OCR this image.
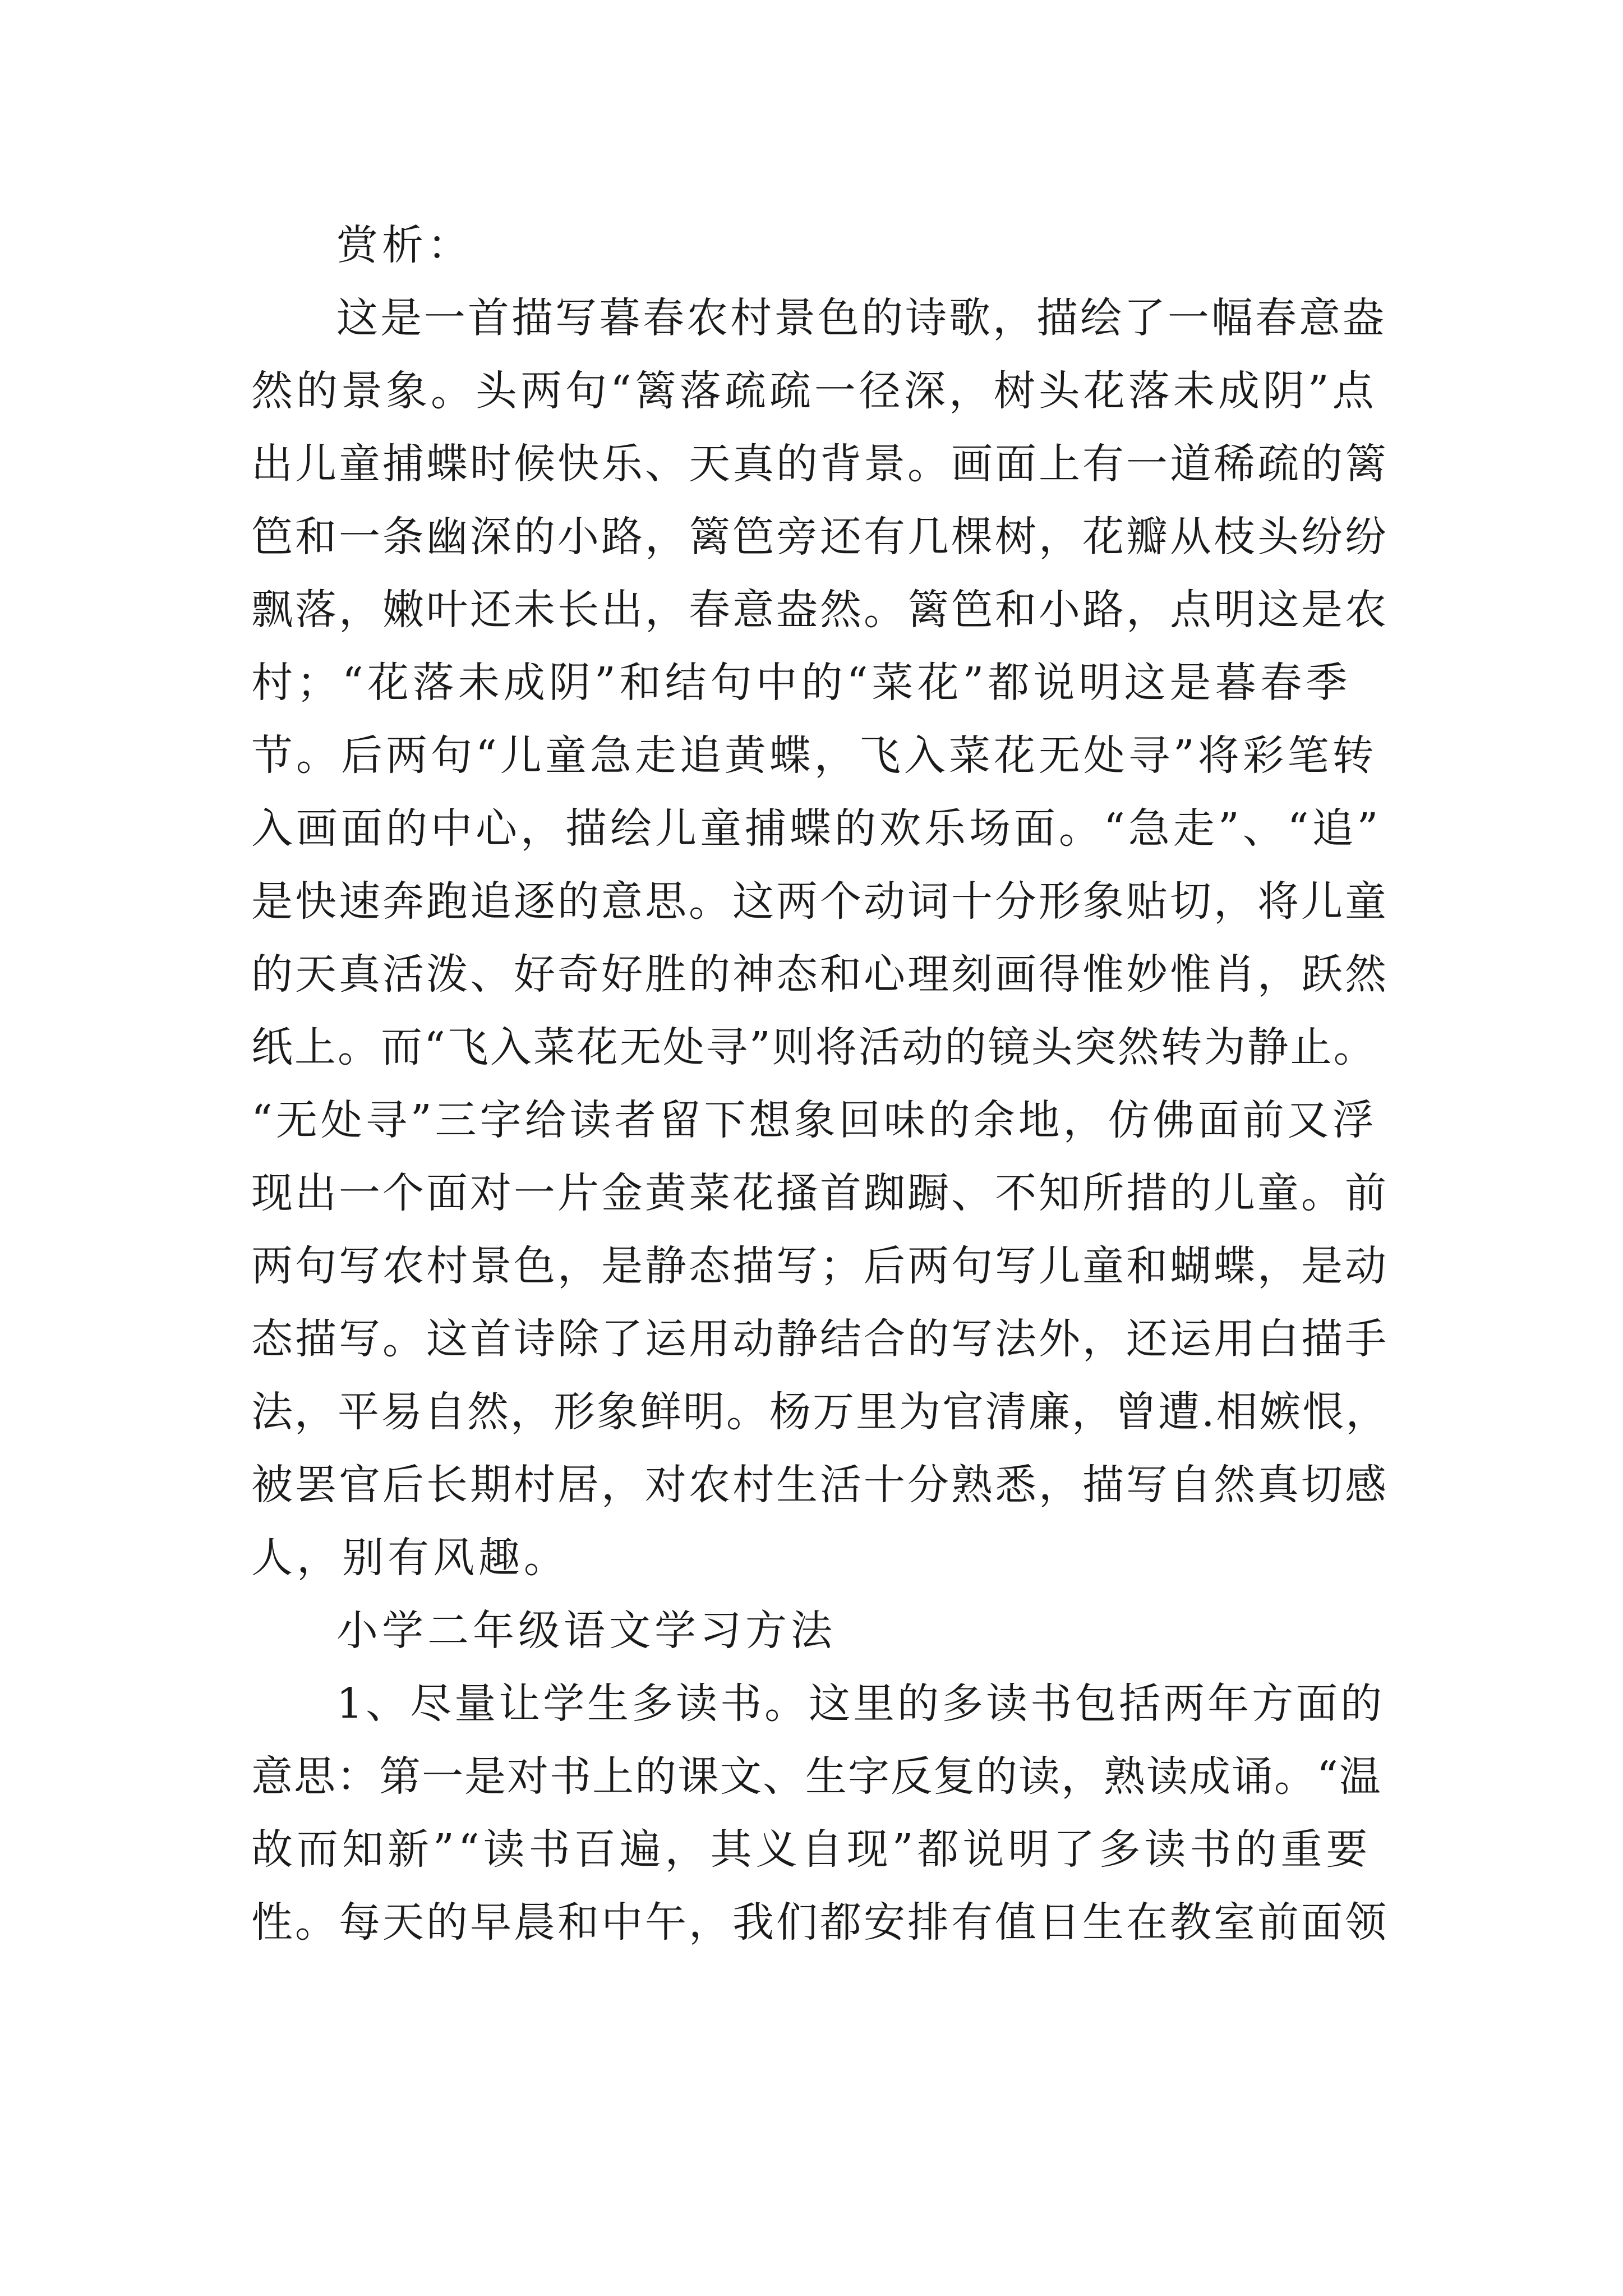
赏析：

这是一首描写暮春农村景色的诗歌，描绘了一幅春意盎

然的景象。头两句“篱落疏疏一径深，树头花落未成阴”点

出儿童捕蝶时候快乐、天真的背景。画面上有一道稀疏的篱

笆和一条幽深的小路，篱笆旁还有几棵树，花瓣从枝头纷纷

飘落，嫩叶还未长出，春意盎然。篱笆和小路，点明这是农

村；“花落未成阴”和结句中的“菜花”都说明这是暮春季

节。后两句“儿童急走追黄蝶，飞入菜花无处寻”将彩笔转

入画面的中心，描绘儿童捕蝶的欢乐场面。“急走”、“追”

是快速奔跑追逐的意思。这两个动词十分形象贴切，将儿童

的天真活泼、好奇好胜的神态和心理刻画得惟妙惟肖，跃然

纸上。而“飞入菜花无处寻”则将活动的镜头突然转为静止。

“无处寻”三字给读者留下想象回味的余地，仿佛面前又浮

现出一个面对一片金黄菜花搔首踟蹰、不知所措的儿童。前

两句写农村景色，是静态描写；后两句写儿童和蝴蝶，是动

态描写。这首诗除了运用动静结合的写法外，还运用白描手

法，平易自然，形象鲜明。杨万里为官清廉，曾遭.相嫉恨，

被罢官后长期村居，对农村生活十分熟悉，描写自然真切感

人，别有风趣。

小学二年级语文学习方法

1、尽量让学生多读书。这里的多读书包括两年方面的

意思：第一是对书上的课文、生字反复的读，熟读成诵。“温

故而知新”“读书百遍，其义自现”都说明了多读书的重要

性。每天的早晨和中午，我们都安排有值日生在教室前面领
